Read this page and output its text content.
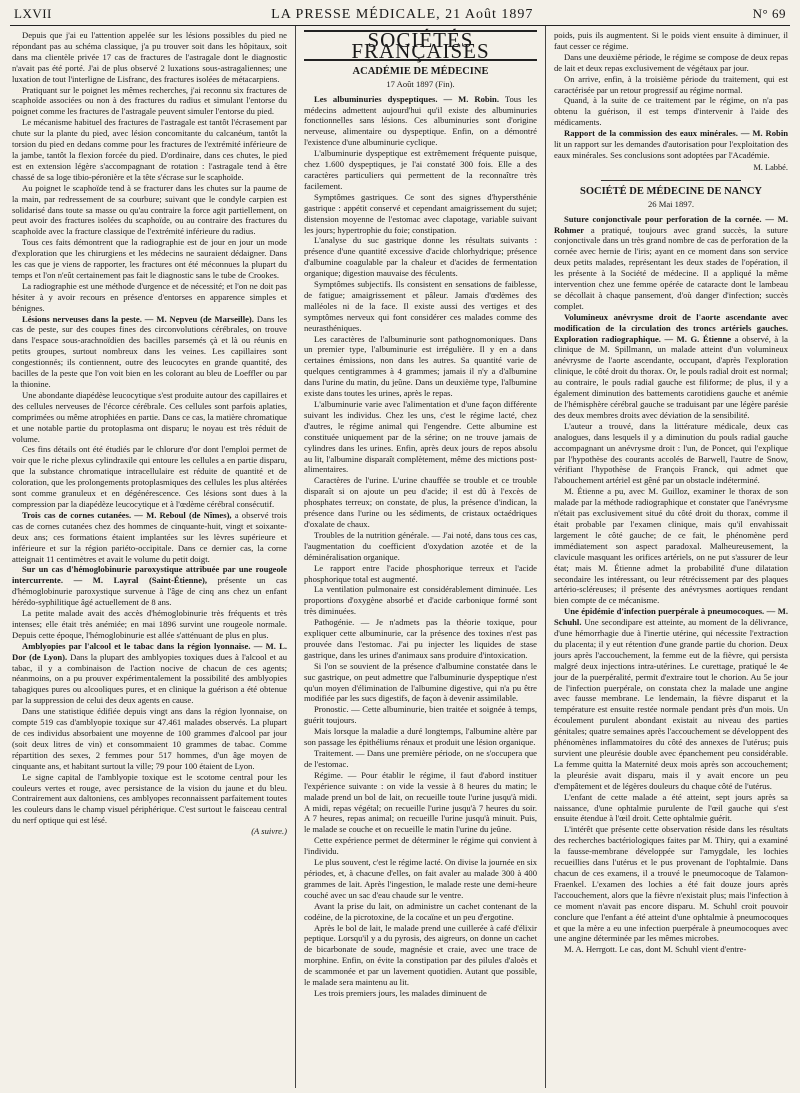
LXVII	LA PRESSE MÉDICALE, 21 Août 1897	N° 69

Depuis que j'ai eu l'attention appelée sur les lésions possibles du pied ne répondant pas au schéma classique, j'a pu trouver soit dans les hôpitaux, soit dans ma clientèle privée 17 cas de fractures de l'astragale dont le diagnostic n'avait pas été porté. J'ai de plus observé 2 luxations sous-astragaliennes; une luxation de tout l'interligne de Lisfranc, des fractures isolées de métacarpiens.

Pratiquant sur le poignet les mêmes recherches, j'ai reconnu six fractures de scaphoïde associées ou non à des fractures du radius et simulant l'entorse du poignet comme les fractures de l'astragale peuvent simuler l'entorse du pied.

Le mécanisme habituel des fractures de l'astragale est tantôt l'écrasement par chute sur la plante du pied, avec lésion concomitante du calcanéum, tantôt la torsion du pied en dedans comme pour les fractures de l'extrémité inférieure de la jambe, tantôt la flexion forcée du pied. D'ordinaire, dans ces chutes, le pied est en extension légère s'accompagnant de rotation : l'astragale tend à être chassé de sa loge tibio-péronière et la tête s'écrase sur le scaphoïde.

Au poignet le scaphoïde tend à se fracturer dans les chutes sur la paume de la main, par redressement de sa courbure; suivant que le condyle carpien est solidarisé dans toute sa masse ou qu'au contraire la force agit partiellement, on peut avoir des fractures isolées du scaphoïde, ou au contraire des fractures du scaphoïde avec la fracture classique de l'extrémité inférieure du radius.

Tous ces faits démontrent que la radiographie est de jour en jour un mode d'exploration que les chirurgiens et les médecins ne sauraient dédaigner. Dans les cas que je viens de rapporter, les fractures ont été méconnues la plupart du temps et l'on n'eût certainement pas fait le diagnostic sans le tube de Crookes.

La radiographie est une méthode d'urgence et de nécessité; et l'on ne doit pas hésiter à y avoir recours en présence d'entorses en apparence simples et bénignes.

Lésions nerveuses dans la peste. — M. Nepveu (de Marseille). Dans les cas de peste, sur des coupes fines des circonvolutions cérébrales, on trouve dans l'espace sous-arachnoïdien des bacilles parsemés çà et là ou réunis en petits groupes, surtout nombreux dans les veines. Les capillaires sont congestionnés; ils contiennent, outre des leucocytes en grande quantité, des bacilles de la peste que l'on voit bien en les colorant au bleu de Loeffler ou par la thionine.

Une abondante diapédèse leucocytique s'est produite autour des capillaires et des cellules nerveuses de l'écorce cérébrale. Ces cellules sont parfois aplaties, comprimées ou même atrophiées en partie. Dans ce cas, la matière chromatique et une notable partie du protoplasma ont disparu; le noyau est très réduit de volume.

Ces fins détails ont été étudiés par le chlorure d'or dont l'emploi permet de voir que le riche plexus cylindraxile qui entoure les cellules a en partie disparu, que la substance chromatique intracellulaire est réduite de quantité et de coloration, que les prolongements protoplasmiques des cellules les plus altérées sont comme granuleux et en dégénérescence. Ces lésions sont dues à la compression par la diapédèze leucocytique et à l'œdème cérébral consécutif.

Trois cas de cornes cutanées. — M. Reboul (de Nîmes), a observé trois cas de cornes cutanées chez des hommes de cinquante-huit, vingt et soixante-deux ans; ces formations étaient implantées sur les lèvres supérieure et inférieure et sur la région pariéto-occipitale. Dans ce dernier cas, la corne atteignait 11 centimètres et avait le volume du petit doigt.

Sur un cas d'hémoglobinurie paroxystique attribuée par une rougeole intercurrente. — M. Layral (Saint-Étienne), présente un cas d'hémoglobinurie paroxystique survenue à l'âge de cinq ans chez un enfant hérédo-syphilitique âgé actuellement de 8 ans.

La petite malade avait des accès d'hémoglobinurie très fréquents et très intenses; elle était très anémiée; en mai 1896 survint une rougeole normale. Depuis cette époque, l'hémoglobinurie est allée s'atténuant de plus en plus.

Amblyopies par l'alcool et le tabac dans la région lyonnaise. — M. L. Dor (de Lyon). Dans la plupart des amblyopies toxiques dues à l'alcool et au tabac, il y a combinaison de l'action nocive de chacun de ces agents; néanmoins, on a pu prouver expérimentalement la possibilité des amblyopies tabagiques pures ou alcooliques pures, et en clinique la guérison a été obtenue par la suppression de celui des deux agents en cause.

Dans une statistique édifiée depuis vingt ans dans la région lyonnaise, on compte 519 cas d'amblyopie toxique sur 47.461 malades observés. La plupart de ces individus absorbaient une moyenne de 100 grammes d'alcool par jour (soit deux litres de vin) et consommaient 10 grammes de tabac. Comme répartition des sexes, 2 femmes pour 517 hommes, d'un âge moyen de cinquante ans, et habitant surtout la ville; 79 pour 100 étaient de Lyon.

Le signe capital de l'amblyopie toxique est le scotome central pour les couleurs vertes et rouge, avec persistance de la vision du jaune et du bleu. Contrairement aux daltoniens, ces amblyopes reconnaissent parfaitement toutes les couleurs dans le champ visuel périphérique. C'est surtout le faisceau central du nerf optique qui est lésé.

(A suivre.)
SOCIÉTÉS FRANÇAISES
ACADÉMIE DE MÉDECINE
17 Août 1897 (Fin).

Les albuminuries dyspeptiques. — M. Robin. Tous les médecins admettent aujourd'hui qu'il existe des albuminuries fonctionnelles sans lésions. Ces albuminuries sont d'origine nerveuse, alimentaire ou dyspeptique. Enfin, on a démontré l'existence d'une albuminurie cyclique.

L'albuminurie dyspeptique est extrêmement fréquente puisque, chez 1.600 dyspeptiques, je l'ai constaté 300 fois. Elle a des caractères particuliers qui permettent de la reconnaître très facilement.

Symptômes gastriques. Ce sont des signes d'hypersthénie gastrique : appétit conservé et cependant amaigrissement du sujet; distension moyenne de l'estomac avec clapotage, variable suivant les jours; hypertrophie du foie; constipation.

L'analyse du suc gastrique donne les résultats suivants : présence d'une quantité excessive d'acide chlorhydrique; présence d'albumine coagulable par la chaleur et d'acides de fermentation organique; digestion mauvaise des féculents.

Symptômes subjectifs. Ils consistent en sensations de faiblesse, de fatigue; amaigrissement et pâleur. Jamais d'œdèmes des malléoles ni de la face. Il existe aussi des vertiges et des symptômes nerveux qui font considérer ces malades comme des neurasthéniques.

Les caractères de l'albuminurie sont pathognomoniques. Dans un premier type, l'albuminurie est irrégulière. Il y en a dans certaines émissions, non dans les autres. Sa quantité varie de quelques centigrammes à 4 grammes; jamais il n'y a d'albumine dans l'urine du matin, du jeûne. Dans un deuxième type, l'albumine existe dans toutes les urines, après le repas.

L'albuminurie varie avec l'alimentation et d'une façon différente suivant les individus. Chez les uns, c'est le régime lacté, chez d'autres, le régime animal qui l'engendre. Cette albumine est constituée uniquement par de la sérine; on ne trouve jamais de cylindres dans les urines. Enfin, après deux jours de repos absolu au lit, l'albumine disparaît complètement, même des mictions post-alimentaires.

Caractères de l'urine. L'urine chauffée se trouble et ce trouble disparaît si on ajoute un peu d'acide; il est dû à l'excès de phosphates terreux; on constate, de plus, la présence d'indican, la présence dans l'urine ou les sédiments, de cristaux octaédriques d'oxalate de chaux.

Troubles de la nutrition générale. — J'ai noté, dans tous ces cas, l'augmentation du coefficient d'oxydation azotée et de la déminéralisation organique.

Le rapport entre l'acide phosphorique terreux et l'acide phosphorique total est augmenté.

La ventilation pulmonaire est considérablement diminuée. Les proportions d'oxygène absorbé et d'acide carbonique formé sont très diminuées.

Pathogénie. — Je n'admets pas la théorie toxique, pour expliquer cette albuminurie, car la présence des toxines n'est pas prouvée dans l'estomac. J'ai pu injecter les liquides de stase gastrique, dans les urines d'animaux sans produire d'intoxication.

Si l'on se souvient de la présence d'albumine constatée dans le suc gastrique, on peut admettre que l'albuminurie dyspeptique n'est qu'un moyen d'élimination de l'albumine digestive, qui n'a pu être modifiée par les sucs digestifs, de façon à devenir assimilable.

Pronostic. — Cette albuminurie, bien traitée et soignée à temps, guérit toujours.

Mais lorsque la maladie a duré longtemps, l'albumine altère par son passage les épithéliums rénaux et produit une lésion organique.

Traitement. — Dans une première période, on ne s'occupera que de l'estomac.

Régime. — Pour établir le régime, il faut d'abord instituer l'expérience suivante : on vide la vessie à 8 heures du matin; le malade prend un bol de lait, on recueille toute l'urine jusqu'à midi. A midi, repas végétal; on recueille l'urine jusqu'à 7 heures du soir. A 7 heures, repas animal; on recueille l'urine jusqu'à minuit. Puis, le malade se couche et on recueille le matin l'urine du jeûne.

Cette expérience permet de déterminer le régime qui convient à l'individu.

Le plus souvent, c'est le régime lacté. On divise la journée en six périodes, et, à chacune d'elles, on fait avaler au malade 300 à 400 grammes de lait. Après l'ingestion, le malade reste une demi-heure couché avec un sac d'eau chaude sur le ventre.

Avant la prise du lait, on administre un cachet contenant de la codéine, de la picrotoxine, de la cocaïne et un peu d'ergotine.

Après le bol de lait, le malade prend une cuillerée à café d'élixir peptique. Lorsqu'il y a du pyrosis, des aigreurs, on donne un cachet de bicarbonate de soude, magnésie et craie, avec une trace de morphine. Enfin, on évite la constipation par des pilules d'aloès et de scammonée et par un lavement quotidien. Autant que possible, le malade sera maintenu au lit.

Les trois premiers jours, les malades diminuent de

poids, puis ils augmentent. Si le poids vient ensuite à diminuer, il faut cesser ce régime.

Dans une deuxième période, le régime se compose de deux repas de lait et deux repas exclusivement de végétaux par jour.

On arrive, enfin, à la troisième période du traitement, qui est caractérisée par un retour progressif au régime normal.

Quand, à la suite de ce traitement par le régime, on n'a pas obtenu la guérison, il est temps d'intervenir à l'aide des médicaments.

Rapport de la commission des eaux minérales. — M. Robin lit un rapport sur les demandes d'autorisation pour l'exploitation des eaux minérales. Ses conclusions sont adoptées par l'Académie.

M. Labbé.
SOCIÉTÉ DE MÉDECINE DE NANCY
26 Mai 1897.

Suture conjonctivale pour perforation de la cornée. — M. Rohmer a pratiqué, toujours avec grand succès, la suture conjonctivale dans un très grand nombre de cas de perforation de la cornée avec hernie de l'iris; ayant en ce moment dans son service deux petits malades, représentant les deux stades de l'opération, il les présente à la Société de médecine. Il a appliqué la même intervention chez une femme opérée de cataracte dont le lambeau se décollait à chaque pansement, d'où danger d'infection; succès complet.

Volumineux anévrysme droit de l'aorte ascendante avec modification de la circulation des troncs artériels gauches. Exploration radiographique. — M. G. Étienne a observé, à la clinique de M. Spillmann, un malade atteint d'un volumineux anévrysme de l'aorte ascendante, occupant, d'après l'exploration clinique, le côté droit du thorax. Or, le pouls radial droit est normal; au contraire, le pouls radial gauche est filiforme; de plus, il y a également diminution des battements carotidiens gauche et anémie de l'hémisphère cérébral gauche se traduisant par une légère parésie des deux membres droits avec déviation de la sensibilité.

L'auteur a trouvé, dans la littérature médicale, deux cas analogues, dans lesquels il y a diminution du pouls radial gauche accompagnant un anévrysme droit : l'un, de Poncet, qui l'explique par l'hypothèse des courants accolés de Barwell, l'autre de Snow, vérifiant l'hypothèse de François Franck, qui admet que l'abouchement artériel est gêné par un obstacle indéterminé.

M. Étienne a pu, avec M. Guilloz, examiner le thorax de son malade par la méthode radiographique et constater que l'anévrysme n'était pas exclusivement situé du côté droit du thorax, comme il était probable par l'examen clinique, mais qu'il envahissait largement le côté gauche; de ce fait, le phénomène perd immédiatement son aspect paradoxal. Malheureusement, la clavicule masquant les orifices artériels, on ne put s'assurer de leur état; mais M. Étienne admet la probabilité d'une dilatation secondaire les intéressant, ou leur rétrécissement par des plaques artério-scléreuses; il présente des anévrysmes aortiques rendant bien compte de ce mécanisme.

Une épidémie d'infection puerpérale à pneumocoques. — M. Schuhl. Une secondipare est atteinte, au moment de la délivrance, d'une hémorrhagie due à l'inertie utérine, qui nécessite l'extraction du placenta; il y eut rétention d'une grande partie du chorion. Deux jours après l'accouchement, la femme eut de la fièvre, qui persista malgré deux injections intra-utérines. Le curettage, pratiqué le 4e jour de la puerpéralité, permit d'extraire tout le chorion. Au 5e jour de l'infection puerpérale, on constata chez la malade une angine avec fausse membrane. Le lendemain, la fièvre disparut et la température est ensuite restée normale pendant près d'un mois. Un écoulement purulent abondant existait au niveau des parties génitales; quatre semaines après l'accouchement se développent des phénomènes inflammatoires du côté des annexes de l'utérus; puis survient une pleurésie double avec épanchement peu considérable. La femme quitta la Maternité deux mois après son accouchement; la pleurésie avait disparu, mais il y avait encore un peu d'empâtement et de légères douleurs du chaque côté de l'utérus.

L'enfant de cette malade a été atteint, sept jours après sa naissance, d'une ophtalmie purulente de l'œil gauche qui s'est ensuite étendue à l'œil droit. Cette ophtalmie guérit.

L'intérêt que présente cette observation réside dans les résultats des recherches bactériologiques faites par M. Thiry, qui a examiné la fausse-membrane développée sur l'amygdale, les lochies recueillies dans l'utérus et le pus provenant de l'ophtalmie. Dans chacun de ces examens, il a trouvé le pneumocoque de Talamon-Fraenkel. L'examen des lochies a été fait douze jours après l'accouchement, alors que la fièvre n'existait plus; mais l'infection à ce moment n'avait pas encore disparu. M. Schuhl croit pouvoir conclure que l'enfant a été atteint d'une ophtalmie à pneumocoques et que la mère a eu une infection puerpérale à pneumocoques avec une angine déterminée par les mêmes microbes.

M. A. Herrgott. Le cas, dont M. Schuhl vient d'entre-
